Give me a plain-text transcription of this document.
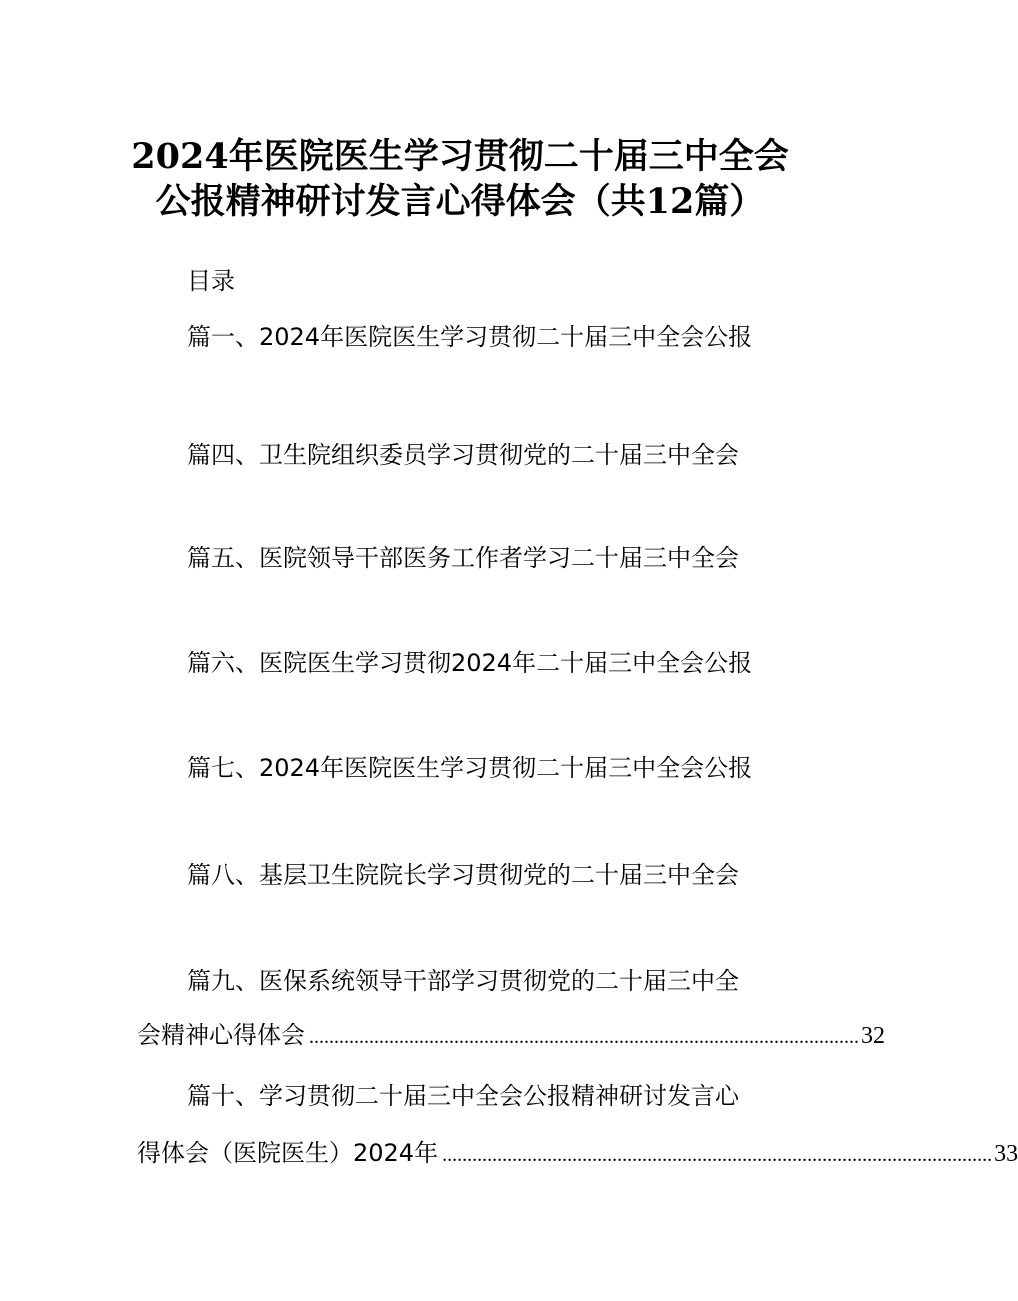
2024年医院医生学习贯彻二十届三中全会
公报精神研讨发言心得体会（共12篇）
目录
篇一、2024年医院医生学习贯彻二十届三中全会公报
篇四、卫生院组织委员学习贯彻党的二十届三中全会
篇五、医院领导干部医务工作者学习二十届三中全会
篇六、医院医生学习贯彻2024年二十届三中全会公报
篇七、2024年医院医生学习贯彻二十届三中全会公报
篇八、基层卫生院院长学习贯彻党的二十届三中全会
篇九、医保系统领导干部学习贯彻党的二十届三中全
会精神心得体会 .............................................................................................................. 32
篇十、学习贯彻二十届三中全会公报精神研讨发言心
得体会（医院医生）2024年 .............................................................................................................. 33
